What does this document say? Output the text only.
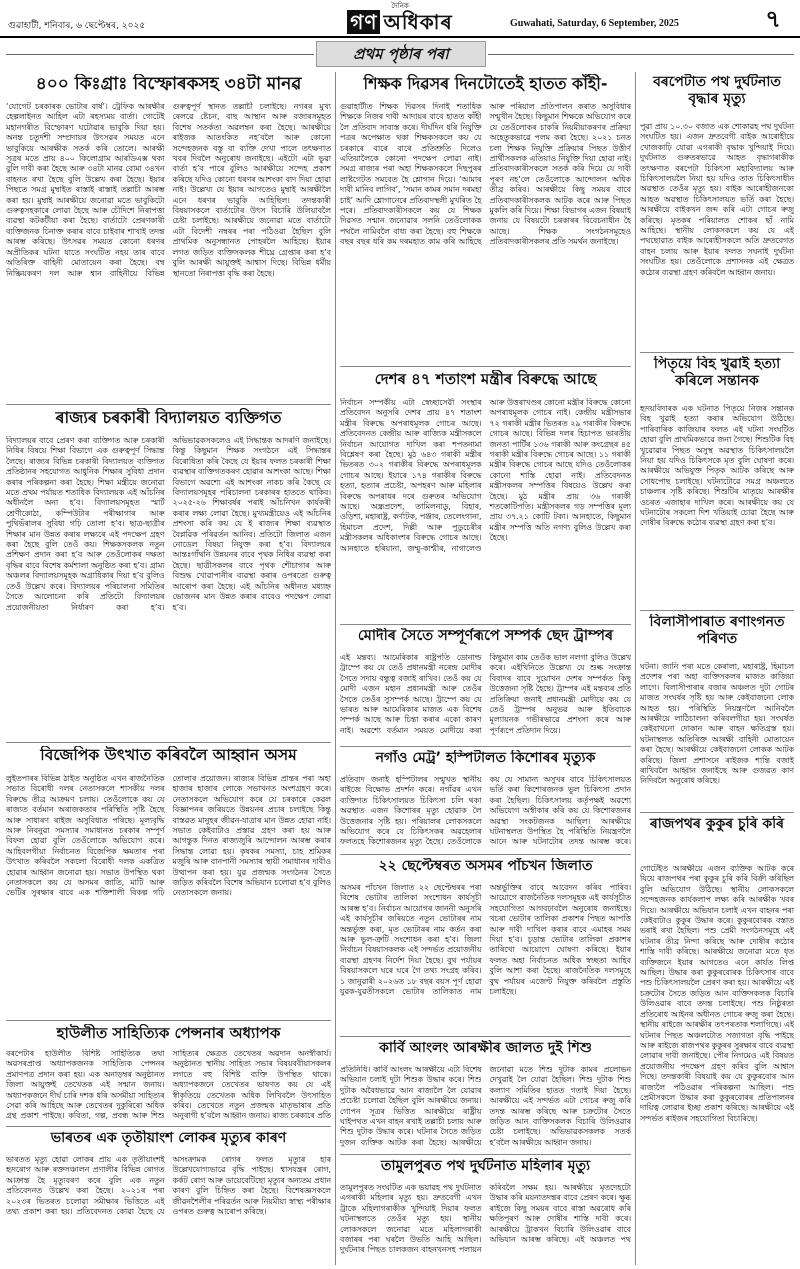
গুৱাহাটী, শনিবাৰ, ৬ ছেপ্টেম্বৰ, ২০২৫
দৈনিক
গণ অধিকাৰ	Guwahati, Saturday, 6 September, 2025	৭
প্ৰথম পৃষ্ঠাৰ পৰা
৪০০ কিঃগ্ৰাঃ বিস্ফোৰকসহ ৩৪টা মানৱ
‘যোগেট চৰকাৰক ভোটাৰ বাৰ্ষ’। ট্ৰেফিক আৰক্ষীৰ হেল্পলাইনত আহিল এটা ৰহস্যময় বাৰ্তা। গোটেই মহানগৰীত বিস্ফোৰণ ঘটোৱাৰ ভাবুকি দিয়া হয়। অনন্ত চতুৰ্দশী সম্প্ৰদায়ৰ উৎসৱৰ সময়ত এনে ভাবুকিয়ে আৰক্ষীক সতৰ্ক কৰি তোলে। আৰক্ষী সূত্ৰৰ মতে প্ৰায় ৪০০ কিলোগ্ৰাম আৰডিএক্স থকা বুলি দাবী কৰা হৈছে আৰু ৩৪টা মানৱ বোমা ৩৪খন বাহনত ৰখা হৈছে বুলি উল্লেখ কৰা হৈছে। ইয়াৰ পিছতে সমগ্ৰ মুম্বাইত ৰাস্তাই ৰাস্তাই তল্লাচী আৰম্ভ কৰা হয়। মুম্বাই আৰক্ষীয়ে জনোৱা মতে ভাবুকিটো গুৰুত্বসহকাৰে লোৱা হৈছে আৰু চৌদিশে নিৰাপত্তা ব্যৱস্থা কটকটীয়া কৰা হৈছে। বাৰ্তাটো প্ৰেৰণকাৰী ব্যক্তিজনক চিনাক্ত কৰাৰ বাবে চাইবাৰ শাখাই তদন্ত আৰম্ভ কৰিছে। উৎসৱৰ সময়ত কোনো ধৰণৰ অপ্ৰীতিকৰ ঘটনা যাতে সংঘটিত নহয় তাৰ বাবে অতিৰিক্ত বাহিনী মোতায়েন কৰা হৈছে। বম্ব নিষ্ক্ৰিয়কৰণ দল আৰু শ্বান বাহিনীয়ে বিভিন্ন গুৰুত্বপূৰ্ণ স্থানত তল্লাচী চলাইছে। নগৰৰ মুখ্য ৰেলৱে ষ্টেচন, বাছ আস্থান আৰু বজাৰসমূহত বিশেষ সতৰ্কতা অৱলম্বন কৰা হৈছে। আৰক্ষীয়ে ৰাইজক আতংকিত নহ’বলৈ আৰু কোনো সন্দেহজনক বস্তু বা ব্যক্তি দেখা পালে তৎক্ষণাত খবৰ দিবলৈ অনুৰোধ জনাইছে। এইটো এটা ভুৱা বাৰ্তা হ’ব পাৰে বুলিও আৰক্ষীয়ে সন্দেহ প্ৰকাশ কৰিছে যদিও কোনো ধৰণৰ আশংকা বাদ দিয়া হোৱা নাই। উল্লেখ্য যে ইয়াৰ আগতেও মুম্বাই আৰক্ষীলৈ এনে ধৰণৰ ভাবুকি আহিছিল। তদন্তকাৰী বিষয়াসকলে বাৰ্তাটোৰ উৎস বিচাৰি উলিয়াবলৈ চেষ্টা চলাইছে। আৰক্ষীয়ে জনোৱা মতে বাৰ্তাটো এটা বিদেশী নম্বৰৰ পৰা পঠিওৱা হৈছিল বুলি প্ৰাথমিক অনুসন্ধানত পোহৰলৈ আহিছে। ইয়াৰ লগত জড়িত ব্যক্তিসকলক শীঘ্ৰে গ্ৰেপ্তাৰ কৰা হ’ব বুলি আৰক্ষী আয়ুক্তই আশ্বাস দিছে। বিভিন্ন ধৰ্মীয় স্থানতো নিৰাপত্তা বৃদ্ধি কৰা হৈছে।
ৰাজ্যৰ চৰকাৰী বিদ্যালয়ত ব্যক্তিগত
বিদ্যালয়ৰ বাবে প্ৰেৰণ কৰা ব্যক্তিগত আৰু চৰকাৰী নিধিৰ বিষয়ে শিক্ষা বিভাগে এক গুৰুত্বপূৰ্ণ সিদ্ধান্ত লৈছে। ৰাজ্যৰ বিভিন্ন চৰকাৰী বিদ্যালয়ত ব্যক্তিগত প্ৰতিষ্ঠানৰ সহযোগত আধুনিক শিক্ষাৰ সুবিধা প্ৰদান কৰাৰ পৰিকল্পনা কৰা হৈছে। শিক্ষা মন্ত্ৰীয়ে জনোৱা মতে প্ৰথম পৰ্যায়ত শতাধিক বিদ্যালয়ক এই আঁচনিৰ অধীনলৈ অনা হ’ব। বিদ্যালয়সমূহত স্মাৰ্ট শ্ৰেণীকোঠা, কম্পিউটাৰ পৰীক্ষাগাৰ আৰু পুথিভঁৰালৰ সুবিধা গঢ়ি তোলা হ’ব। ছাত্ৰ-ছাত্ৰীৰ শিক্ষাৰ মান উন্নত কৰাৰ লক্ষ্যৰে এই পদক্ষেপ গ্ৰহণ কৰা হৈছে বুলি তেওঁ কয়। শিক্ষকসকলক নতুন প্ৰশিক্ষণ প্ৰদান কৰা হ’ব আৰু তেওঁলোকৰ দক্ষতা বৃদ্ধিৰ বাবে বিশেষ কৰ্মশালা অনুষ্ঠিত কৰা হ’ব। গ্ৰাম্য অঞ্চলৰ বিদ্যালয়সমূহক অগ্ৰাধিকাৰ দিয়া হ’ব বুলিও তেওঁ উল্লেখ কৰে। বিদ্যালয়ৰ পৰিচালনা সমিতিৰ সৈতে আলোচনা কৰি প্ৰতিটো বিদ্যালয়ৰ প্ৰয়োজনীয়তা নিৰ্ধাৰণ কৰা হ’ব। অভিভাৱকসকলেও এই সিদ্ধান্তক আদৰণি জনাইছে। কিন্তু কিছুমান শিক্ষক সংগঠনে এই সিদ্ধান্তৰ বিৰোধিতা কৰি কৈছে যে ইয়াৰ ফলত চৰকাৰী শিক্ষা ব্যৱস্থাৰ ব্যক্তিগতকৰণ হোৱাৰ আশংকা আছে। শিক্ষা বিভাগে অৱশ্যে এই আশংকা নাকচ কৰি কৈছে যে বিদ্যালয়সমূহৰ পৰিচালনা চৰকাৰৰ হাততে থাকিব। ২০২৫-২৬ শিক্ষাবৰ্ষৰ পৰাই আঁচনিখন কাৰ্যকৰী কৰাৰ লক্ষ্য লোৱা হৈছে। মুখ্যমন্ত্ৰীয়েও এই আঁচনিৰ প্ৰশংসা কৰি কয় যে ই ৰাজ্যৰ শিক্ষা ব্যৱস্থাত বৈপ্লৱিক পৰিৱৰ্তন আনিব। প্ৰতিটো জিলাত এজন নোডেল বিষয়া নিযুক্ত কৰা হ’ব। বিদ্যালয়ৰ আন্তঃগাঁথনি উন্নয়নৰ বাবে পৃথক নিধিৰ ব্যৱস্থা কৰা হৈছে। ছাত্ৰীসকলৰ বাবে পৃথক শৌচাগাৰ আৰু বিশুদ্ধ খোৱাপানীৰ ব্যৱস্থা কৰাৰ ওপৰতো গুৰুত্ব আৰোপ কৰা হৈছে। এই আঁচনিৰ অধীনত মধ্যাহ্ন ভোজনৰ মান উন্নত কৰাৰ বাবেও পদক্ষেপ লোৱা হ’ব।
বিজেপিক উৎখাত কৰিবলৈ আহ্বান অসম
লুইতপাৰৰ বিভিন্ন ঠাইত অনুষ্ঠিত এখন ৰাজনৈতিক সভাত বিৰোধী দলৰ নেতাসকলে শাসকীয় দলৰ বিৰুদ্ধে তীব্ৰ আক্ৰমণ চলায়। তেওঁলোকে কয় যে ৰাজ্যত বৰ্তমান অৰাজকতাৰ পৰিস্থিতি সৃষ্টি হৈছে আৰু সাধাৰণ ৰাইজ অসুবিধাত পৰিছে। মূল্যবৃদ্ধি আৰু নিবনুৱা সমস্যাৰ সমাধানত চৰকাৰ সম্পূৰ্ণ বিফল হোৱা বুলি তেওঁলোকে অভিযোগ কৰে। আহিবলগীয়া নিৰ্বাচনত বিজেপিক ক্ষমতাৰ পৰা উৎখাত কৰিবলৈ সকলো বিৰোধী দলক একত্ৰিত হোৱাৰ আহ্বান জনোৱা হয়। সভাত উপস্থিত থকা নেতাসকলে কয় যে অসমৰ জাতি, মাটি আৰু ভেটিৰ সুৰক্ষাৰ বাবে এক শক্তিশালী বিকল্প গঢ়ি তোলাৰ প্ৰয়োজন। ৰাজ্যৰ বিভিন্ন প্ৰান্তৰ পৰা অহা হাজাৰ হাজাৰ লোকে সভাখনত অংশগ্ৰহণ কৰে। নেতাসকলে অভিযোগ কৰে যে চৰকাৰে কেৱল বিজ্ঞাপনৰ জৰিয়তে উন্নয়নৰ প্ৰচাৰ চলাইছে কিন্তু বাস্তৱত মানুহৰ জীৱন-যাত্ৰাৰ মান উন্নত হোৱা নাই। সভাত কেইবাটাও প্ৰস্তাৱ গ্ৰহণ কৰা হয় আৰু আগন্তুক দিনত ৰাজ্যজুৰি আন্দোলন আৰম্ভ কৰাৰ সিদ্ধান্ত লোৱা হয়। কৃষকৰ সমস্যা, চাহ শ্ৰমিকৰ মজুৰি আৰু বানপানী সমস্যাৰ স্থায়ী সমাধানৰ দাবীও উত্থাপন কৰা হয়। যুৱ প্ৰজন্মক সংগঠনৰ সৈতে জড়িত কৰিবলৈ বিশেষ অভিযান চলোৱা হ’ব বুলিও নেতাসকলে জনায়।
হাউলীত সাহিত্যিক পেন্সনাৰ অধ্যাপক
বৰপেটাৰ হাউলীত বিশিষ্ট সাহিত্যিক তথা অৱসৰপ্ৰাপ্ত অধ্যাপকজনক সাহিত্যিক পেন্সনৰ প্ৰমাণপত্ৰ প্ৰদান কৰা হয়। এক অনাড়ম্বৰ অনুষ্ঠানত জিলা আয়ুক্তই তেখেতক এই সন্মান জনায়। অধ্যাপকজনে দীৰ্ঘ চাৰি দশক ধৰি অসমীয়া সাহিত্যৰ সেৱা কৰি আহিছে আৰু তেখেতৰ দুকুৰিৰো অধিক গ্ৰন্থ প্ৰকাশ পাইছে। কবিতা, গল্প, প্ৰবন্ধ আৰু শিশু সাহিত্যৰ ক্ষেত্ৰত তেখেতৰ অৱদান অনস্বীকাৰ্য। অনুষ্ঠানত স্থানীয় সাহিত্য সভাৰ বিষয়ববীয়াসকলৰ লগতে বহু বিশিষ্ট ব্যক্তি উপস্থিত থাকে। অধ্যাপকজনে তেখেতৰ ভাষণত কয় যে এই স্বীকৃতিয়ে তেখেতক অধিক লিখিবলৈ উৎসাহিত কৰিব। তেখেতে নতুন প্ৰজন্মক মাতৃভাষাৰ প্ৰতি অনুৰাগী হ’বলৈ আহ্বান জনায়। ৰাজ্য চৰকাৰে প্ৰতি
ভাৰতৰ এক তৃতীয়াংশ লোকৰ মৃত্যুৰ কাৰণ
ভাৰতত মৃত্যু হোৱা লোকৰ প্ৰায় এক তৃতীয়াংশই হৃদৰোগ আৰু ৰক্তসঞ্চালন প্ৰণালীৰ বিভিন্ন ৰোগত আক্ৰান্ত হৈ মৃত্যুবৰণ কৰে বুলি এক নতুন প্ৰতিবেদনত উল্লেখ কৰা হৈছে। ২০২১ৰ পৰা ২০২৩ৰ ভিতৰত চলোৱা সমীক্ষাৰ ভিত্তিতে এই তথ্য প্ৰকাশ কৰা হয়। প্ৰতিবেদনত কোৱা হৈছে যে অসংক্ৰামক ৰোগৰ ফলত মৃত্যুৰ হাৰ উল্লেখযোগ্যভাৱে বৃদ্ধি পাইছে। শ্বাসযন্ত্ৰৰ ৰোগ, কৰ্কট ৰোগ আৰু ডায়েবেটিছো মৃত্যুৰ অন্যতম প্ৰধান কাৰণ বুলি চিহ্নিত কৰা হৈছে। বিশেষজ্ঞসকলে জীৱনশৈলীৰ পৰিৱৰ্তন আৰু নিয়মীয়া স্বাস্থ্য পৰীক্ষাৰ ওপৰত গুৰুত্ব আৰোপ কৰিছে।
শিক্ষক দিৱসৰ দিনটোতেই হাতত কাঁহী-
গুৱাহাটীত শিক্ষক দিৱসৰ দিনাই শতাধিক শিক্ষকে নিজৰ দাবী আদায়ৰ বাবে হাতত কাঁহী লৈ প্ৰতিবাদ সাব্যস্ত কৰে। দীৰ্ঘদিন ধৰি নিযুক্তি পত্ৰৰ অপেক্ষাত থকা শিক্ষকসকলে কয় যে চৰকাৰে বাৰে বাৰে প্ৰতিশ্ৰুতি দিলেও এতিয়ালৈকে কোনো পদক্ষেপ লোৱা নাই। সমগ্ৰ ৰাজ্যৰ পৰা অহা শিক্ষকসকলে দিছপুৰৰ লাষ্টগেটত সমবেত হৈ শ্লোগান দিয়ে। ‘আমাৰ দাবী মানিব লাগিব’, ‘সমান কামৰ সমান দৰমহা চাই’ আদি শ্লোগানেৰে প্ৰতিবাদস্থলী মুখৰিত হৈ পৰে। প্ৰতিবাদকাৰীসকলে কয় যে শিক্ষক দিৱসত সন্মান জনোৱাৰ সলনি তেওঁলোকক পথলৈ নামিবলৈ বাধ্য কৰা হৈছে। বহু শিক্ষকে বছৰ বছৰ ধৰি কম দৰমহাত কাম কৰি আহিছে আৰু পৰিয়াল প্ৰতিপালন কৰাত অসুবিধাৰ সন্মুখীন হৈছে। কিছুমান শিক্ষকে অভিযোগ কৰে যে তেওঁলোকৰ চাকৰি নিয়মীয়াকৰণৰ প্ৰক্ৰিয়া অহেতুকভাৱে পলম কৰা হৈছে। ২০২১ চনত চলা শিক্ষক নিযুক্তি প্ৰক্ৰিয়াৰ পিছত উত্তীৰ্ণ প্ৰাৰ্থীসকলক এতিয়াও নিযুক্তি দিয়া হোৱা নাই। প্ৰতিবাদকাৰীসকলে সতৰ্ক কৰি দিয়ে যে দাবী পূৰণ নহ’লে তেওঁলোকে আন্দোলন অধিক তীব্ৰ কৰিব। আৰক্ষীয়ে কিছু সময়ৰ বাবে প্ৰতিবাদকাৰীসকলক আটক কৰে আৰু পিছত মুকলি কৰি দিয়ে। শিক্ষা বিভাগৰ এজন বিষয়াই জনায় যে বিষয়টো চৰকাৰৰ বিবেচনাধীন হৈ আছে। শিক্ষক সংগঠনসমূহেও প্ৰতিবাদকাৰীসকলৰ প্ৰতি সমৰ্থন জনাইছে।
দেশৰ ৪৭ শতাংশ মন্ত্ৰীৰ বিৰুদ্ধে আছে
নিৰ্বাচন সম্পৰ্কীয় এটা স্বেচ্ছাসেৱী সংস্থাৰ প্ৰতিবেদন অনুসৰি দেশৰ প্ৰায় ৪৭ শতাংশ মন্ত্ৰীৰ বিৰুদ্ধে অপৰাধমূলক গোচৰ আছে। প্ৰতিবেদনত কেন্দ্ৰীয় আৰু ৰাজ্যিক মন্ত্ৰীসকলে নিৰ্বাচন আয়োগত দাখিল কৰা শপতনামা বিশ্লেষণ কৰা হৈছে। মুঠ ৬৪৩ গৰাকী মন্ত্ৰীৰ ভিতৰত ৩০২ গৰাকীৰ বিৰুদ্ধে অপৰাধমূলক গোচৰ আছে। ইয়াৰে ১৭৪ গৰাকীৰ বিৰুদ্ধে হত্যা, হত্যাৰ প্ৰচেষ্টা, অপহৰণ আৰু মহিলাৰ বিৰুদ্ধে অপৰাধৰ দৰে গুৰুতৰ অভিযোগ আছে। অন্ধ্ৰপ্ৰদেশ, তামিলনাডু, বিহাৰ, ওড়িশা, মহাৰাষ্ট্ৰ, কৰ্ণাটক, পঞ্জাব, তেলেংগানা, হিমাচল প্ৰদেশ, দিল্লী আৰু পুডুচেৰীৰ মন্ত্ৰীসকলৰ অধিকাংশৰ বিৰুদ্ধে গোচৰ আছে। আনহাতে হৰিয়ানা, জম্মু-কাশ্মীৰ, নাগালেণ্ড আৰু উত্তৰাখণ্ডৰ কোনো মন্ত্ৰীৰ বিৰুদ্ধে কোনো অপৰাধমূলক গোচৰ নাই। কেন্দ্ৰীয় মন্ত্ৰীসভাৰ ৭২ গৰাকী মন্ত্ৰীৰ ভিতৰত ২৯ গৰাকীৰ বিৰুদ্ধে গোচৰ আছে। বিভিন্ন দলৰ হিচাপত ভাৰতীয় জনতা পাৰ্টিৰ ১৩৬ গৰাকী আৰু কংগ্ৰেছৰ ৪৫ গৰাকী মন্ত্ৰীৰ বিৰুদ্ধে গোচৰ আছে। ১১ গৰাকী মন্ত্ৰীৰ বিৰুদ্ধে গোচৰ আছে যদিও তেওঁলোকৰ কোনো শাস্তি হোৱা নাই। প্ৰতিবেদনত মন্ত্ৰীসকলৰ সম্পত্তিৰ বিষয়েও উল্লেখ কৰা হৈছে। মুঠ মন্ত্ৰীৰ প্ৰায় ৩৬ গৰাকী শতকোটিপতি। মন্ত্ৰীসকলৰ গড় সম্পত্তিৰ মূল্য প্ৰায় ৩৭.২১ কোটি টকা। আনহাতে, কিছুমান মন্ত্ৰীৰ সম্পত্তি অতি নগণ্য বুলিও উল্লেখ কৰা হৈছে।
মোদীৰ সৈতে সম্পূৰ্ণৰূপে সম্পৰ্ক ছেদ ট্ৰাম্পৰ
এই মন্তব্য। আমেৰিকাৰ ৰাষ্ট্ৰপতি ডোনাল্ড ট্ৰাম্পে কয় যে তেওঁ প্ৰধানমন্ত্ৰী নৰেন্দ্ৰ মোদীৰ সৈতে সদায় বন্ধুত্ব বজাই ৰাখিব। তেওঁ কয় যে মোদী এজন মহান প্ৰধানমন্ত্ৰী আৰু তেওঁৰ সৈতে তেওঁৰ সুসম্পৰ্ক আছে। ট্ৰাম্পে কয় যে ভাৰত আৰু আমেৰিকাৰ মাজত এক বিশেষ সম্পৰ্ক আছে আৰু চিন্তা কৰাৰ একো কাৰণ নাই। অৱশ্যে বৰ্তমান সময়ত মোদীয়ে কৰা কিছুমান কাম তেওঁক ভাল নলগা বুলিও উল্লেখ কৰে। এইখিনিতে উল্লেখ্য যে শুল্ক সংক্ৰান্ত বিবাদৰ বাবে দুয়োখন দেশৰ সম্পৰ্কত কিছু উত্তেজনা সৃষ্টি হৈছে। ট্ৰাম্পৰ এই মন্তব্যৰ প্ৰতি প্ৰতিক্ৰিয়া জনাই প্ৰধানমন্ত্ৰী মোদীয়ে কয় যে তেওঁ ট্ৰাম্পৰ অনুভৱ আৰু ইতিবাচক মূল্যায়নক গভীৰভাৱে প্ৰশংসা কৰে আৰু পূৰ্ণৰূপে প্ৰতিদান দিয়ে।
নগাঁও মেট্ৰ’ হস্পিটালত কিশোৰৰ মৃত্যুক
প্ৰতিবাদ জনাই হস্পিটালৰ সন্মুখত স্থানীয় ৰাইজে বিক্ষোভ প্ৰদৰ্শন কৰে। নগাঁৱৰ এখন ব্যক্তিগত চিকিৎসালয়ত চিকিৎসা চলি থকা অৱস্থাত এজন কিশোৰৰ মৃত্যু হোৱাক লৈ উত্তেজনাৰ সৃষ্টি হয়। পৰিয়ালৰ লোকসকলে অভিযোগ কৰে যে চিকিৎসকৰ অৱহেলাৰ ফলতহে কিশোৰজনৰ মৃত্যু হৈছে। তেওঁলোকে কয় যে সামান্য অসুখৰ বাবে চিকিৎসালয়ত ভৰ্তি কৰা কিশোৰজনক ভুল চিকিৎসা প্ৰদান কৰা হৈছিল। চিকিৎসালয় কৰ্তৃপক্ষই অৱশ্যে অভিযোগ অস্বীকাৰ কৰি কয় যে কিশোৰজনৰ অৱস্থা সংকটজনক আছিল। আৰক্ষীয়ে ঘটনাস্থলত উপস্থিত হৈ পৰিস্থিতি নিয়ন্ত্ৰণলৈ আনে আৰু ঘটনাটোৰ তদন্ত আৰম্ভ কৰে।
২২ ছেপ্টেম্বৰত অসমৰ পাঁচখন জিলাত
অসমৰ পাঁচখন জিলাত ২২ ছেপ্টেম্বৰৰ পৰা বিশেষ ভোটাৰ তালিকা সংশোধন কাৰ্যসূচী আৰম্ভ হ’ব। নিৰ্বাচন আয়োগৰ জাননী অনুসৰি এই কাৰ্যসূচীৰ জৰিয়তে নতুন ভোটাৰৰ নাম অন্তৰ্ভুক্ত কৰা, মৃত ভোটাৰৰ নাম কৰ্তন কৰা আৰু ভুল-ত্ৰুটি সংশোধন কৰা হ’ব। জিলা নিৰ্বাচন বিষয়াসকলক এই সন্দৰ্ভত প্ৰয়োজনীয় ব্যৱস্থা গ্ৰহণৰ নিৰ্দেশ দিয়া হৈছে। বুথ পৰ্যায়ৰ বিষয়াসকলে ঘৰে ঘৰে গৈ তথ্য সংগ্ৰহ কৰিব। ১ জানুৱাৰী ২০২৬ত ১৮ বছৰ বয়স পূৰ্ণ হোৱা যুৱক-যুৱতীসকলে ভোটাৰ তালিকাত নাম অন্তৰ্ভুক্তিৰ বাবে আবেদন কৰিব পাৰিব। আয়োগে ৰাজনৈতিক দলসমূহক এই কাৰ্যসূচীত সহযোগিতা আগবঢ়াবলৈ অনুৰোধ জনাইছে। খচৰা ভোটাৰ তালিকা প্ৰকাশৰ পিছত আপত্তি আৰু দাবী দাখিল কৰাৰ বাবে এমাহৰ সময় দিয়া হ’ব। চূড়ান্ত ভোটাৰ তালিকা প্ৰকাশৰ তাৰিখো আয়োগে ঘোষণা কৰিছে। ইয়াৰ ফলত অহা নিৰ্বাচনত অধিক স্বচ্ছতা আহিব বুলি আশা কৰা হৈছে। ৰাজনৈতিক দলসমূহে বুথ পৰ্যায়ৰ এজেণ্ট নিযুক্ত কৰিবলৈ প্ৰস্তুতি চলাইছে।
কাৰ্বি আংলং আৰক্ষীৰ জালত দুই শিশু
প্ৰতিনিধি। কাৰ্বি আংলং আৰক্ষীয়ে এটা বিশেষ অভিযান চলাই দুটা শিশুক উদ্ধাৰ কৰে। শিশু দুটাক অবৈধভাৱে আন ৰাজ্যলৈ লৈ যোৱাৰ প্ৰচেষ্টা চলোৱা হৈছিল বুলি আৰক্ষীয়ে জনায়। গোপন সূত্ৰৰ ভিত্তিত আৰক্ষীয়ে ৰাষ্ট্ৰীয় ঘাইপথত এখন বাহন ৰখাই তল্লাচী চলায় আৰু শিশু দুটাক উদ্ধাৰ কৰে। ঘটনাৰ সৈতে জড়িত দুজন ব্যক্তিক আটক কৰা হৈছে। আৰক্ষীয়ে জনোৱা মতে শিশু দুটাক কামৰ প্ৰলোভন দেখুৱাই লৈ যোৱা হৈছিল। শিশু দুটাক শিশু কল্যাণ সমিতিৰ হাতত গতাই দিয়া হৈছে। আৰক্ষীয়ে এই সন্দৰ্ভত এটা গোচৰ ৰুজু কৰি তদন্ত আৰম্ভ কৰিছে আৰু চক্ৰটোৰ সৈতে জড়িত আন ব্যক্তিসকলক বিচাৰি উলিওৱাৰ চেষ্টা চলাইছে। অভিভাৱকসকলক সতৰ্ক হ’বলৈ আৰক্ষীয়ে আহ্বান জনায়।
তামুলপুৰত পথ দুৰ্ঘটনাত মহিলাৰ মৃত্যু
তামুলপুৰত সংঘটিত এক ভয়াৱহ পথ দুৰ্ঘটনাত এগৰাকী মহিলাৰ মৃত্যু হয়। দ্ৰুতবেগী এখন ট্ৰাকে মহিলাগৰাকীক খুন্দিয়াই দিয়াৰ ফলত ঘটনাস্থলতে তেওঁৰ মৃত্যু হয়। স্থানীয় লোকসকলে জনোৱা মতে মহিলাগৰাকী বজাৰৰ পৰা ঘৰলৈ উভতি আহি আছিল। দুৰ্ঘটনাৰ পিছত চালকজন বাহনখনসহ পলায়ন কৰিবলৈ সক্ষম হয়। আৰক্ষীয়ে মৃতদেহটো উদ্ধাৰ কৰি ময়নাতদন্তৰ বাবে প্ৰেৰণ কৰে। ক্ষুব্ধ ৰাইজে কিছু সময়ৰ বাবে ৰাস্তা অৱৰোধ কৰি ক্ষতিপূৰণ আৰু দোষীৰ শাস্তি দাবী কৰে। আৰক্ষীয়ে ট্ৰাকখন বিচাৰি উলিওৱাৰ বাবে অভিযান আৰম্ভ কৰিছে। এই অঞ্চলত পথ
বৰপেটাত পথ দুৰ্ঘটনাত বৃদ্ধাৰ মৃত্যু
পুৱা প্ৰায় ১০.৩০ বজাত এক শোকাৱহ পথ দুৰ্ঘটনা সংঘটিত হয়। এজন দ্ৰুতবেগী বাইক আৰোহীয়ে খোজকাঢ়ি যোৱা এগৰাকী বৃদ্ধাক খুন্দিয়াই দিয়ে। দুৰ্ঘটনাত গুৰুতৰভাৱে আহত বৃদ্ধাগৰাকীক তৎক্ষণাত বৰপেটা চিকিৎসা মহাবিদ্যালয় আৰু চিকিৎসালয়লৈ নিয়া হয় যদিও তাত চিকিৎসাধীন অৱস্থাত তেওঁৰ মৃত্যু হয়। বাইক আৰোহীজনকো আহত অৱস্থাত চিকিৎসালয়ত ভৰ্তি কৰা হৈছে। আৰক্ষীয়ে বাইকখন জব্দ কৰি এটা গোচৰ ৰুজু কৰিছে। মৃতকৰ পৰিয়ালত শোকৰ ছাঁ নামি আহিছে। স্থানীয় লোকসকলে কয় যে এই পথছোৱাত বাইক আৰোহীসকলে অতি দ্ৰুতবেগত বাহন চলায় আৰু ইয়াৰ ফলত সঘনাই দুৰ্ঘটনা সংঘটিত হয়। তেওঁলোকে প্ৰশাসনক এই ক্ষেত্ৰত কঠোৰ ব্যৱস্থা গ্ৰহণ কৰিবলৈ আহ্বান জনায়।
পিতৃয়ে বিহ খুৱাই হত্যা কৰিলে সন্তানক
হৃদয়বিদাৰক এক ঘটনাত পিতৃয়ে নিজৰ সন্তানক বিহ খুৱাই হত্যা কৰাৰ অভিযোগ উঠিছে। পাৰিবাৰিক কাজিয়াৰ ফলত এই ঘটনা সংঘটিত হোৱা বুলি প্ৰাথমিকভাৱে জনা গৈছে। শিশুটিক বিহ খুৱোৱাৰ পিছত অসুস্থ অৱস্থাত চিকিৎসালয়লৈ নিয়া হয় যদিও চিকিৎসকে মৃত বুলি ঘোষণা কৰে। আৰক্ষীয়ে অভিযুক্ত পিতৃক আটক কৰিছে আৰু সোধপোছ চলাইছে। ঘটনাটোৱে সমগ্ৰ অঞ্চলতে চাঞ্চল্যৰ সৃষ্টি কৰিছে। শিশুটিৰ মাতৃয়ে আৰক্ষীৰ ওচৰত এজাহাৰ দাখিল কৰে। আৰক্ষীয়ে কয় যে ঘটনাটোৰ সকলো দিশ খতিয়াই চোৱা হৈছে আৰু দোষীৰ বিৰুদ্ধে কঠোৰ ব্যৱস্থা গ্ৰহণ কৰা হ’ব।
বিলাসীপাৰাত ৰণাংগনত পৰিণত
ঘটনা। জানি পৰা মতে কেৰালা, মহাৰাষ্ট্ৰ, হিমাচল প্ৰদেশৰ পৰা অহা ব্যক্তিসকলৰ মাজত কাজিয়া লাগে। বিলাসীপাৰাৰ বজাৰ অঞ্চলত দুটা গোটৰ মাজত সংঘৰ্ষৰ সৃষ্টি হয় আৰু কেইবাজনো লোক আহত হয়। পৰিস্থিতি নিয়ন্ত্ৰণলৈ আনিবলৈ আৰক্ষীয়ে লাঠিচালনা কৰিবলগীয়া হয়। সংঘৰ্ষত কেইবাখনো দোকান আৰু বাহন ক্ষতিগ্ৰস্ত হয়। ঘটনাস্থলত অতিৰিক্ত আৰক্ষী বাহিনী মোতায়েন কৰা হৈছে। আৰক্ষীয়ে কেইবাজনো লোকক আটক কৰিছে। জিলা প্ৰশাসনে ৰাইজক শান্তি বজাই ৰাখিবলৈ আহ্বান জনাইছে আৰু গুজৱত কাণ নিদিবলৈ অনুৰোধ কৰিছে।
ৰাজপথৰ কুকুৰ চুৰি কৰি
গোটেইত আৰক্ষীয়ে এজন ব্যক্তিক আটক কৰে যিয়ে ৰাজপথৰ পৰা কুকুৰ চুৰি কৰি বিক্ৰী কৰিছিল বুলি অভিযোগ উঠিছে। স্থানীয় লোকসকলে সন্দেহজনক কাৰ্যকলাপ লক্ষ্য কৰি আৰক্ষীক খবৰ দিয়ে। আৰক্ষীয়ে অভিযান চলাই এখন বাহনৰ পৰা কেইবাটাও কুকুৰ উদ্ধাৰ কৰে। কুকুৰবোৰক বস্তাত ভৰাই ৰখা হৈছিল। পশু প্ৰেমী সংগঠনসমূহে এই ঘটনাৰ তীব্ৰ নিন্দা কৰিছে আৰু দোষীৰ কঠোৰ শাস্তি দাবী কৰিছে। আৰক্ষীয়ে জনোৱা মতে ধৃত ব্যক্তিজনে ইয়াৰ আগতেও এনে কাৰ্যত লিপ্ত আছিল। উদ্ধাৰ কৰা কুকুৰবোৰক চিকিৎসাৰ বাবে পশু চিকিৎসালয়লৈ প্ৰেৰণ কৰা হয়। আৰক্ষীয়ে এই চক্ৰটোৰ সৈতে জড়িত আন ব্যক্তিসকলক বিচাৰি উলিওৱাৰ বাবে তদন্ত চলাইছে। পশু নিষ্ঠুৰতা প্ৰতিৰোধ আইনৰ অধীনত গোচৰ ৰুজু কৰা হৈছে। স্থানীয় ৰাইজে আৰক্ষীৰ তৎপৰতাক শলাগিছে। এই ঘটনাৰ পিছত অঞ্চলটোত সজাগতা বৃদ্ধি পাইছে আৰু ৰাইজে ৰাজপথৰ কুকুৰৰ সুৰক্ষাৰ বাবে ব্যৱস্থা লোৱাৰ দাবী জনাইছে। পৌৰ নিগমেও এই বিষয়ত প্ৰয়োজনীয় পদক্ষেপ গ্ৰহণ কৰিব বুলি আশ্বাস দিছে। তদন্তকাৰী বিষয়াই কয় যে কুকুৰবোৰ আন ৰাজ্যলৈ পঠিওৱাৰ পৰিকল্পনা আছিল। পশু প্ৰেমীসকলে উদ্ধাৰ কৰা কুকুৰবোৰৰ প্ৰতিপালনৰ দায়িত্ব লোৱাৰ ইচ্ছা প্ৰকাশ কৰিছে। আৰক্ষীয়ে এই সন্দৰ্ভত ৰাইজৰ সহযোগিতা বিচাৰিছে।
